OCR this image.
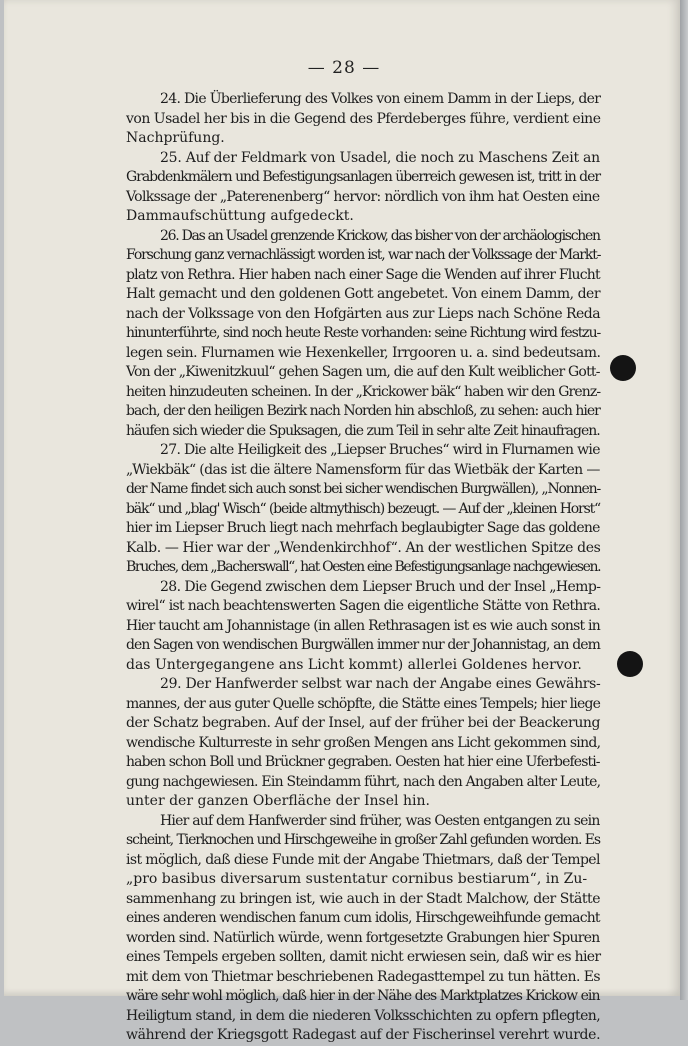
— 28 —
24. Die Überlieferung des Volkes von einem Damm in der Lieps, der
von Usadel her bis in die Gegend des Pferdeberges führe, verdient eine
Nachprüfung.
25. Auf der Feldmark von Usadel, die noch zu Maschens Zeit an
Grabdenkmälern und Befestigungsanlagen überreich gewesen ist, tritt in der
Volkssage der „Paterenenberg“ hervor: nördlich von ihm hat Oesten eine
Dammaufschüttung aufgedeckt.
26. Das an Usadel grenzende Krickow, das bisher von der archäologischen
Forschung ganz vernachlässigt worden ist, war nach der Volkssage der Markt-
platz von Rethra. Hier haben nach einer Sage die Wenden auf ihrer Flucht
Halt gemacht und den goldenen Gott angebetet. Von einem Damm, der
nach der Volkssage von den Hofgärten aus zur Lieps nach Schöne Reda
hinunterführte, sind noch heute Reste vorhanden: seine Richtung wird festzu-
legen sein. Flurnamen wie Hexenkeller, Irrgooren u. a. sind bedeutsam.
Von der „Kiwenitzkuul“ gehen Sagen um, die auf den Kult weiblicher Gott-
heiten hinzudeuten scheinen. In der „Krickower bäk“ haben wir den Grenz-
bach, der den heiligen Bezirk nach Norden hin abschloß, zu sehen: auch hier
häufen sich wieder die Spuksagen, die zum Teil in sehr alte Zeit hinaufragen.
27. Die alte Heiligkeit des „Liepser Bruches“ wird in Flurnamen wie
„Wiekbäk“ (das ist die ältere Namensform für das Wietbäk der Karten —
der Name findet sich auch sonst bei sicher wendischen Burgwällen), „Nonnen-
bäk“ und „blag' Wisch“ (beide altmythisch) bezeugt. — Auf der „kleinen Horst“
hier im Liepser Bruch liegt nach mehrfach beglaubigter Sage das goldene
Kalb. — Hier war der „Wendenkirchhof“. An der westlichen Spitze des
Bruches, dem „Bacherswall“, hat Oesten eine Befestigungsanlage nachgewiesen.
28. Die Gegend zwischen dem Liepser Bruch und der Insel „Hemp-
wirel“ ist nach beachtenswerten Sagen die eigentliche Stätte von Rethra.
Hier taucht am Johannistage (in allen Rethrasagen ist es wie auch sonst in
den Sagen von wendischen Burgwällen immer nur der Johannistag, an dem
das Untergegangene ans Licht kommt) allerlei Goldenes hervor.
29. Der Hanfwerder selbst war nach der Angabe eines Gewährs-
mannes, der aus guter Quelle schöpfte, die Stätte eines Tempels; hier liege
der Schatz begraben. Auf der Insel, auf der früher bei der Beackerung
wendische Kulturreste in sehr großen Mengen ans Licht gekommen sind,
haben schon Boll und Brückner gegraben. Oesten hat hier eine Uferbefesti-
gung nachgewiesen. Ein Steindamm führt, nach den Angaben alter Leute,
unter der ganzen Oberfläche der Insel hin.
Hier auf dem Hanfwerder sind früher, was Oesten entgangen zu sein
scheint, Tierknochen und Hirschgeweihe in großer Zahl gefunden worden. Es
ist möglich, daß diese Funde mit der Angabe Thietmars, daß der Tempel
„pro basibus diversarum sustentatur cornibus bestiarum“, in Zu-
sammenhang zu bringen ist, wie auch in der Stadt Malchow, der Stätte
eines anderen wendischen fanum cum idolis, Hirschgeweihfunde gemacht
worden sind. Natürlich würde, wenn fortgesetzte Grabungen hier Spuren
eines Tempels ergeben sollten, damit nicht erwiesen sein, daß wir es hier
mit dem von Thietmar beschriebenen Radegasttempel zu tun hätten. Es
wäre sehr wohl möglich, daß hier in der Nähe des Marktplatzes Krickow ein
Heiligtum stand, in dem die niederen Volksschichten zu opfern pflegten,
während der Kriegsgott Radegast auf der Fischerinsel verehrt wurde.
